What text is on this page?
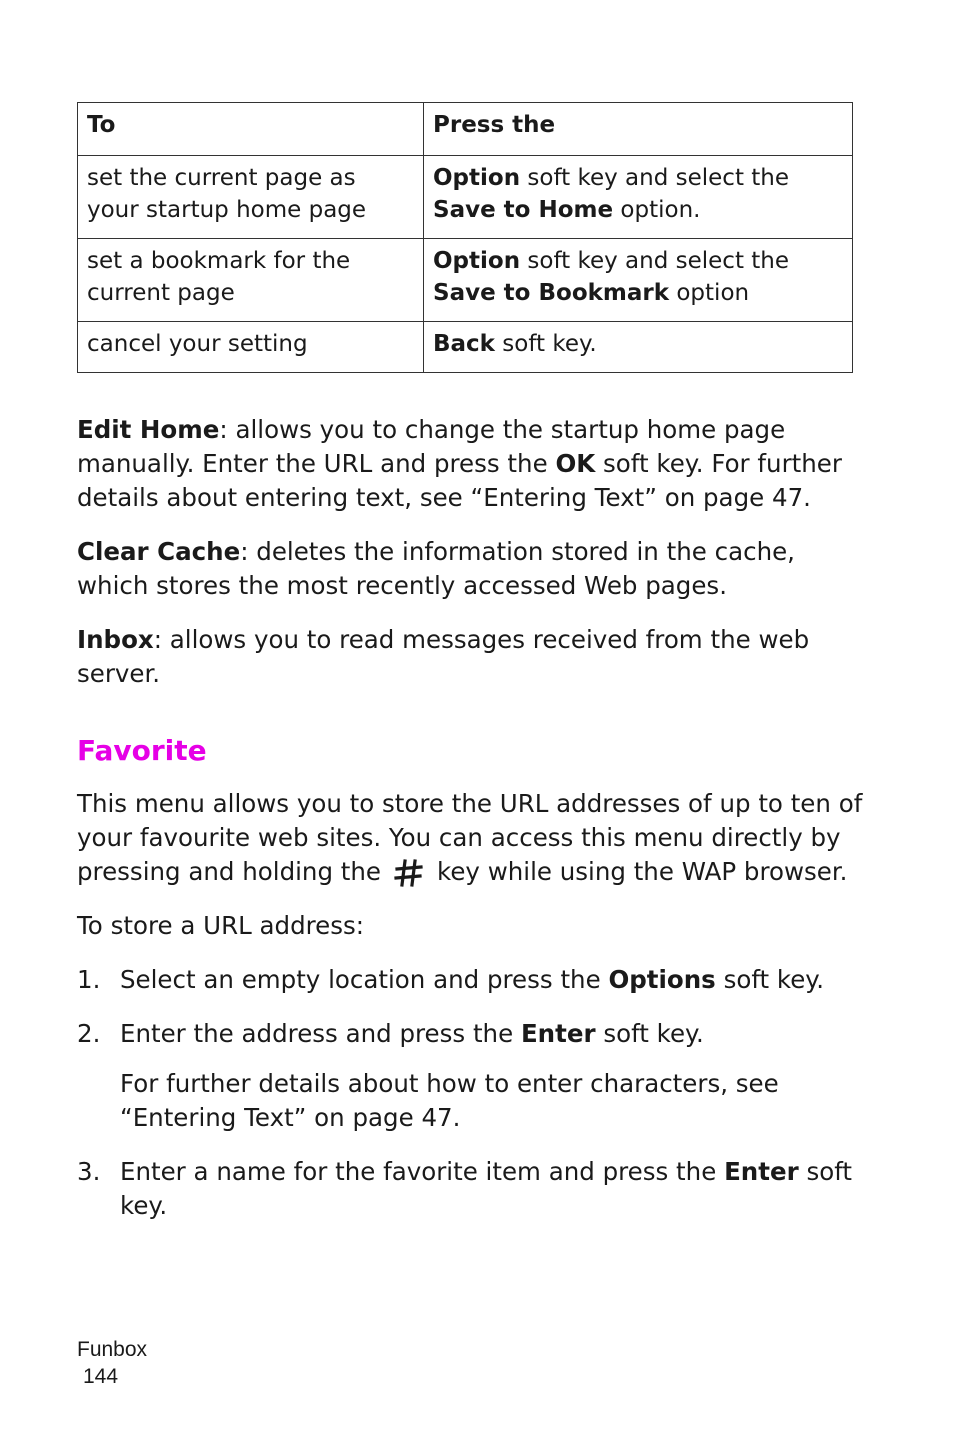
To	Press the
set the current page as your startup home page	Option soft key and select the Save to Home option.
set a bookmark for the current page	Option soft key and select the Save to Bookmark option
cancel your setting	Back soft key.

Edit Home: allows you to change the startup home page manually. Enter the URL and press the OK soft key. For further details about entering text, see “Entering Text” on page 47.

Clear Cache: deletes the information stored in the cache, which stores the most recently accessed Web pages.

Inbox: allows you to read messages received from the web server.

Favorite

This menu allows you to store the URL addresses of up to ten of your favourite web sites. You can access this menu directly by pressing and holding the key while using the WAP browser.

To store a URL address:

1. Select an empty location and press the Options soft key.
2. Enter the address and press the Enter soft key.
For further details about how to enter characters, see “Entering Text” on page 47.
3. Enter a name for the favorite item and press the Enter soft key.
Funbox
144
